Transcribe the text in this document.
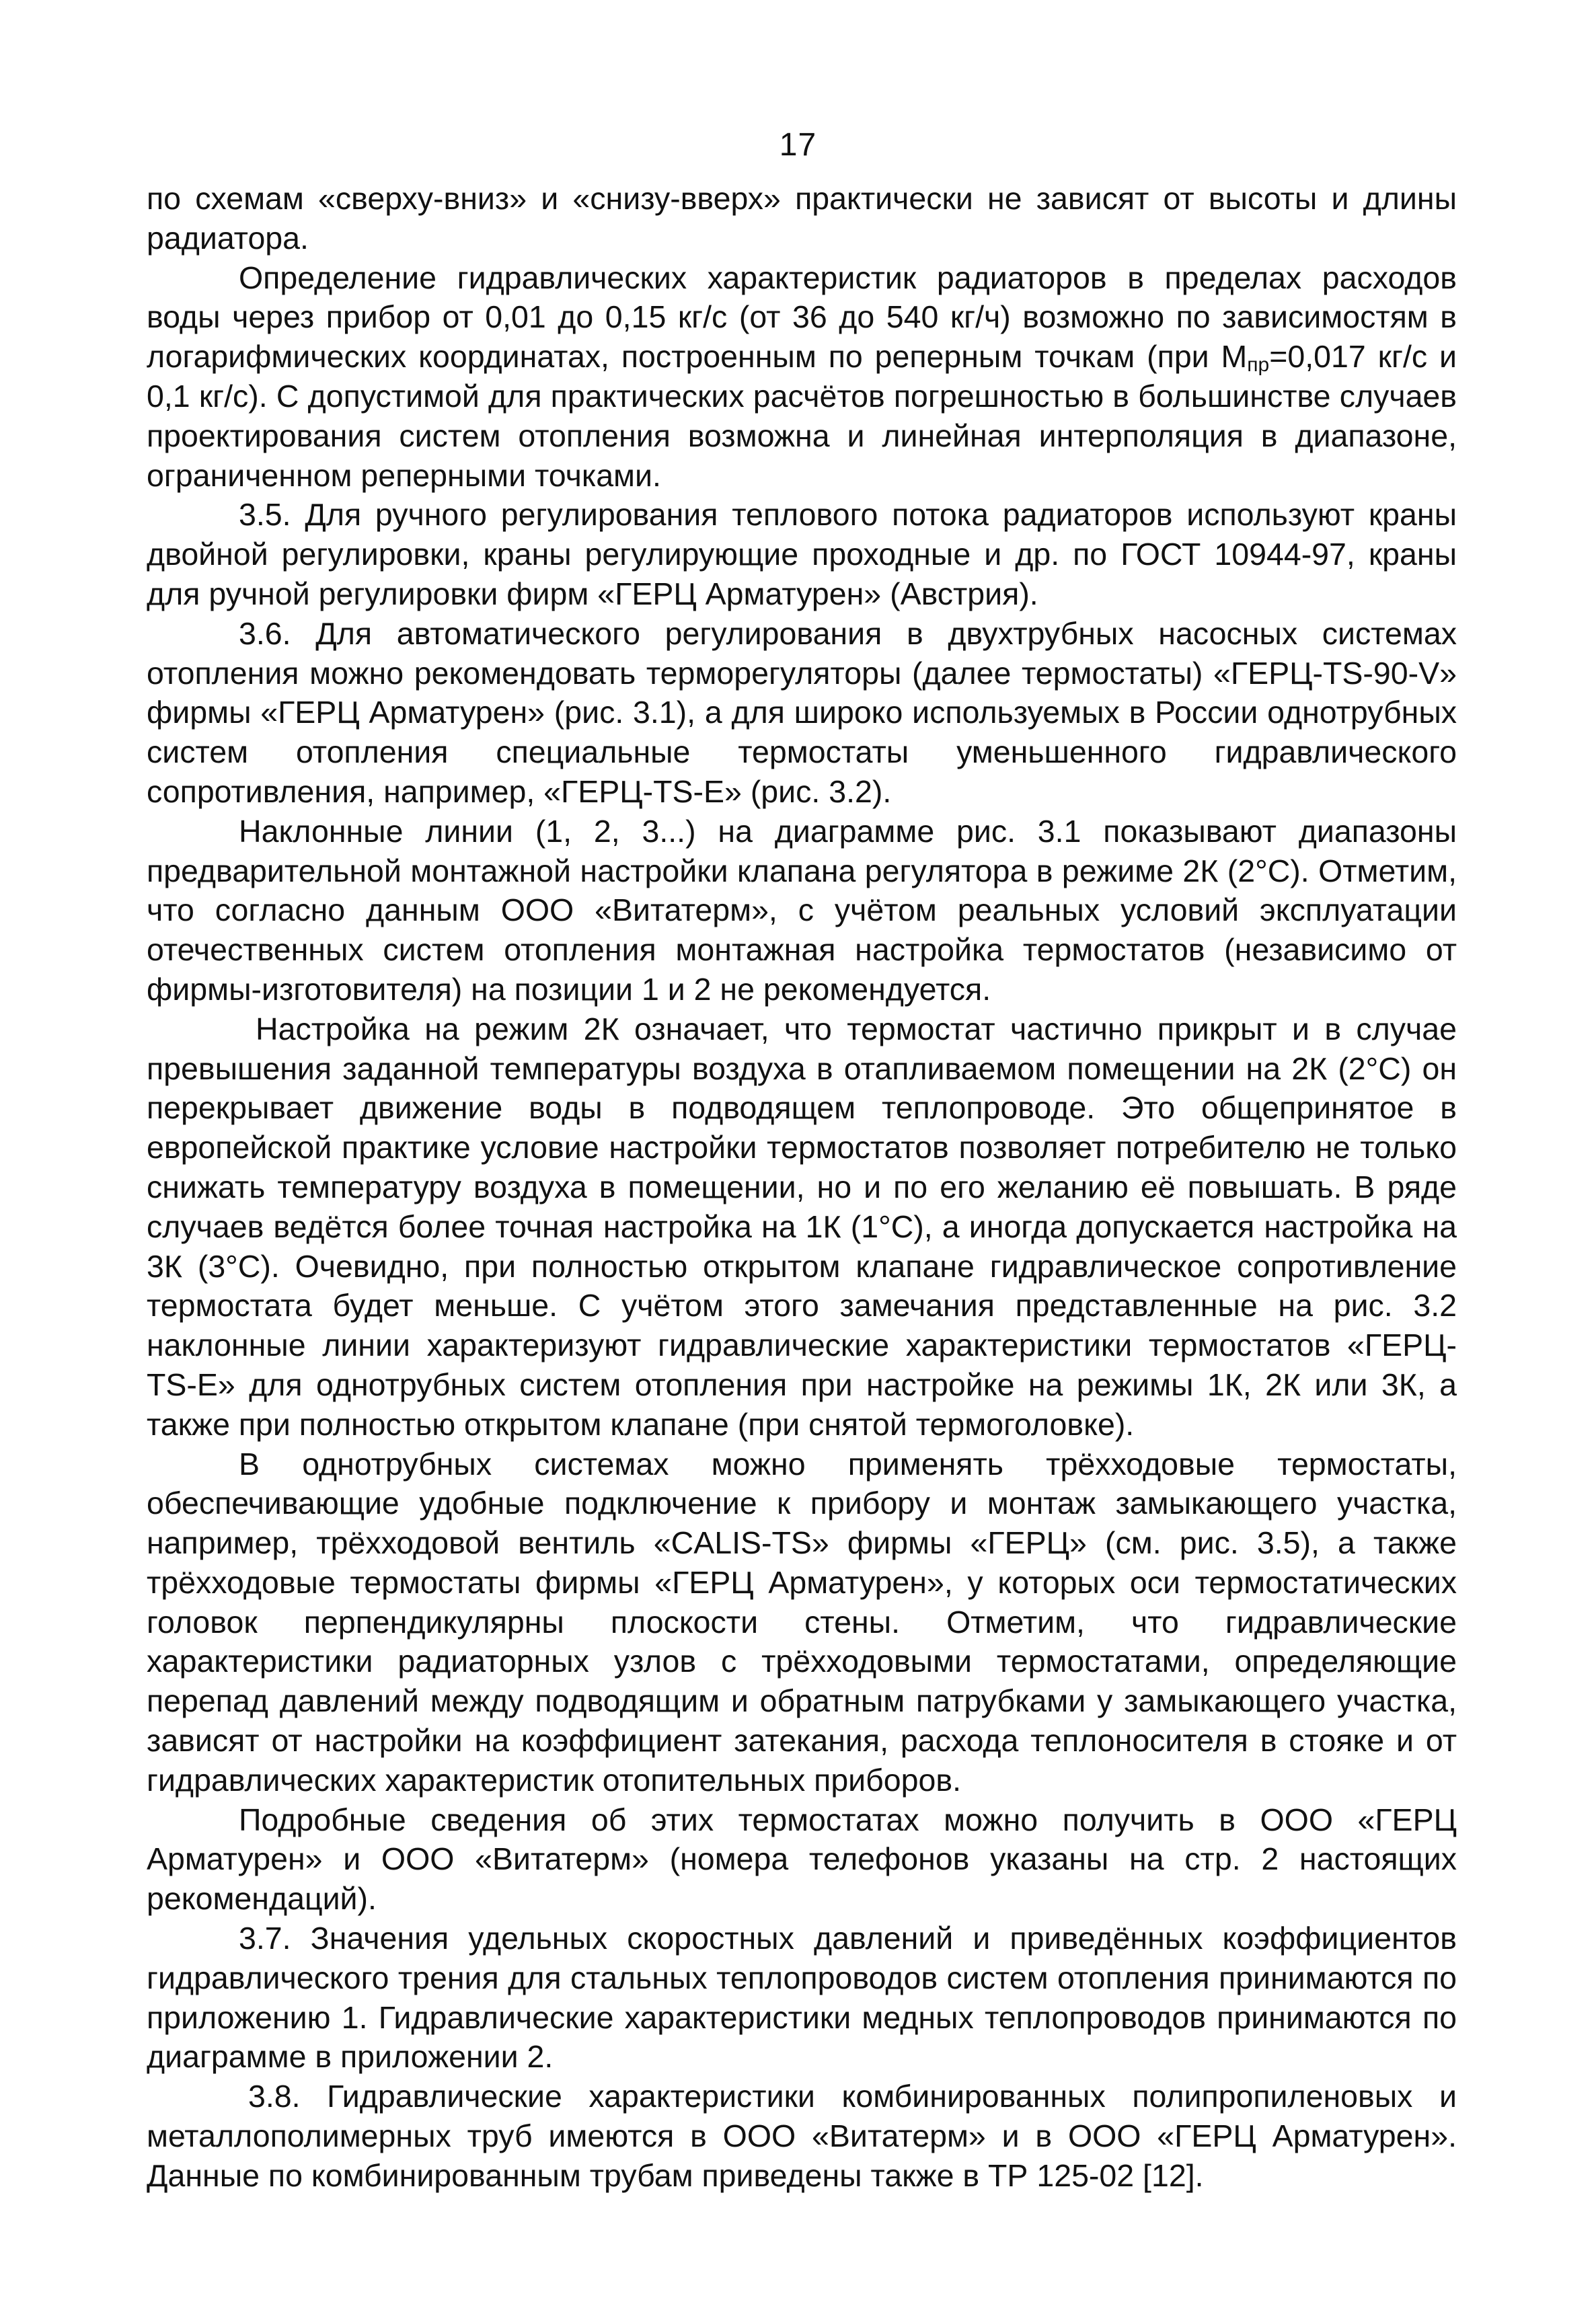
17

по схемам «сверху-вниз» и «снизу-вверх» практически не зависят от высоты и длины радиатора.

Определение гидравлических характеристик радиаторов в пределах расходов воды через прибор от 0,01 до 0,15 кг/с (от 36 до 540 кг/ч) возможно по зависимостям в логарифмических координатах, построенным по реперным точкам (при $M_{пр}=0,017$ кг/с и 0,1 кг/с). С допустимой для практических расчётов погрешностью в большинстве случаев проектирования систем отопления возможна и линейная интерполяция в диапазоне, ограниченном реперными точками.

3.5. Для ручного регулирования теплового потока радиаторов используют краны двойной регулировки, краны регулирующие проходные и др. по ГОСТ 10944-97, краны для ручной регулировки фирм «ГЕРЦ Арматурен» (Австрия).

3.6. Для автоматического регулирования в двухтрубных насосных системах отопления можно рекомендовать терморегуляторы (далее термостаты) «ГЕРЦ-TS-90-V» фирмы «ГЕРЦ Арматурен» (рис. 3.1), а для широко используемых в России однотрубных систем отопления специальные термостаты уменьшенного гидравлического сопротивления, например, «ГЕРЦ-TS-E» (рис. 3.2).

Наклонные линии (1, 2, 3...) на диаграмме рис. 3.1 показывают диапазоны предварительной монтажной настройки клапана регулятора в режиме 2К (2°С). Отметим, что согласно данным ООО «Витатерм», с учётом реальных условий эксплуатации отечественных систем отопления монтажная настройка термостатов (независимо от фирмы-изготовителя) на позиции 1 и 2 не рекомендуется.

Настройка на режим 2К означает, что термостат частично прикрыт и в случае превышения заданной температуры воздуха в отапливаемом помещении на 2К (2°С) он перекрывает движение воды в подводящем теплопроводе. Это общепринятое в европейской практике условие настройки термостатов позволяет потребителю не только снижать температуру воздуха в помещении, но и по его желанию её повышать. В ряде случаев ведётся более точная настройка на 1К (1°С), а иногда допускается настройка на 3К (3°С). Очевидно, при полностью открытом клапане гидравлическое сопротивление термостата будет меньше. С учётом этого замечания представленные на рис. 3.2 наклонные линии характеризуют гидравлические характеристики термостатов «ГЕРЦ-TS-E» для однотрубных систем отопления при настройке на режимы 1К, 2К или 3К, а также при полностью открытом клапане (при снятой термоголовке).

В однотрубных системах можно применять трёхходовые термостаты, обеспечивающие удобные подключение к прибору и монтаж замыкающего участка, например, трёхходовой вентиль «CALIS-TS» фирмы «ГЕРЦ» (см. рис. 3.5), а также трёхходовые термостаты фирмы «ГЕРЦ Арматурен», у которых оси термостатических головок перпендикулярны плоскости стены. Отметим, что гидравлические характеристики радиаторных узлов с трёхходовыми термостатами, определяющие перепад давлений между подводящим и обратным патрубками у замыкающего участка, зависят от настройки на коэффициент затекания, расхода теплоносителя в стояке и от гидравлических характеристик отопительных приборов.

Подробные сведения об этих термостатах можно получить в ООО «ГЕРЦ Арматурен» и ООО «Витатерм» (номера телефонов указаны на стр. 2 настоящих рекомендаций).

3.7. Значения удельных скоростных давлений и приведённых коэффициентов гидравлического трения для стальных теплопроводов систем отопления принимаются по приложению 1. Гидравлические характеристики медных теплопроводов принимаются по диаграмме в приложении 2.

3.8. Гидравлические характеристики комбинированных полипропиленовых и металлополимерных труб имеются в ООО «Витатерм» и в ООО «ГЕРЦ Арматурен». Данные по комбинированным трубам приведены также в ТР 125-02 [12].
